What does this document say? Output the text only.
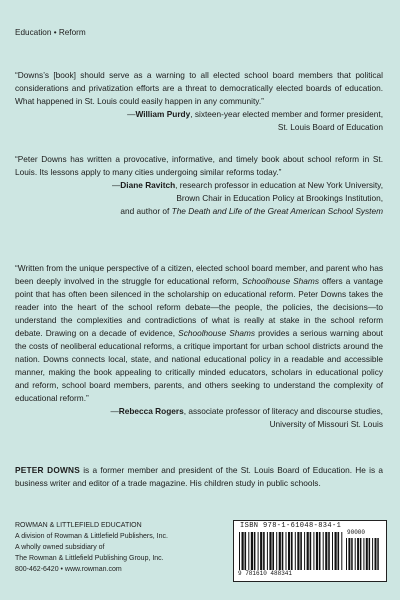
Education • Reform

“Downs’s [book] should serve as a warning to all elected school board members that political considerations and privatization efforts are a threat to democratically elected boards of education. What happened in St. Louis could easily happen in any community.”

—William Purdy, sixteen-year elected member and former president,
St. Louis Board of Education

“Peter Downs has written a provocative, informative, and timely book about school reform in St. Louis. Its lessons apply to many cities undergoing similar reforms today.”

—Diane Ravitch, research professor in education at New York University,
Brown Chair in Education Policy at Brookings Institution,
and author of The Death and Life of the Great American School System

“Written from the unique perspective of a citizen, elected school board member, and parent who has been deeply involved in the struggle for educational reform, Schoolhouse Shams offers a vantage point that has often been silenced in the scholarship on educational reform. Peter Downs takes the reader into the heart of the school reform debate—the people, the policies, the decisions—to understand the complexities and contradictions of what is really at stake in the school reform debate. Drawing on a decade of evidence, Schoolhouse Shams provides a serious warning about the costs of neoliberal educational reforms, a critique important for urban school districts around the nation. Downs connects local, state, and national educational policy in a readable and accessible manner, making the book appealing to critically minded educators, scholars in educational policy and reform, school board members, parents, and others seeking to understand the complexity of educational reform.”

—Rebecca Rogers, associate professor of literacy and discourse studies,
University of Missouri St. Louis

PETER DOWNS is a former member and president of the St. Louis Board of Education. He is a business writer and editor of a trade magazine. His children study in public schools.

ROWMAN & LITTLEFIELD EDUCATION
A division of Rowman & Littlefield Publishers, Inc.
A wholly owned subsidiary of
The Rowman & Littlefield Publishing Group, Inc.
800-462-6420 • www.rowman.com
ISBN 978-1-61048-834-1
9 781610 488341
90000
